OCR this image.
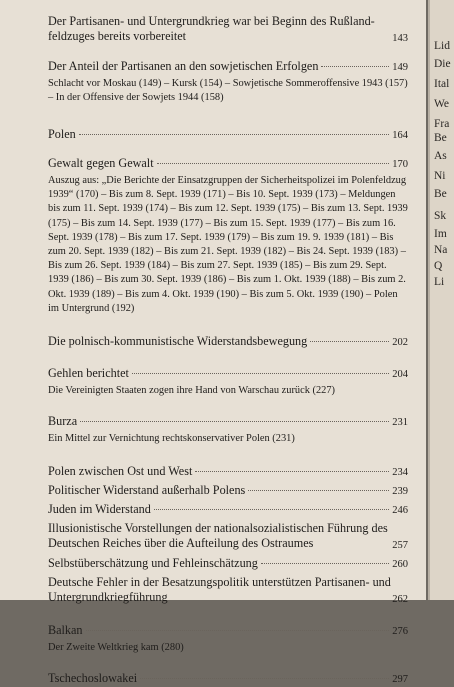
Der Partisanen- und Untergrundkrieg war bei Beginn des Rußland-
feldzuges bereits vorbereitet	143
Der Anteil der Partisanen an den sowjetischen Erfolgen	149
Schlacht vor Moskau (149) – Kursk (154) – Sowjetische Sommeroffensive 1943 (157) – In der Offensive der Sowjets 1944 (158)
Polen	164
Gewalt gegen Gewalt	170
Auszug aus: „Die Berichte der Einsatzgruppen der Sicherheitspolizei im Polenfeldzug 1939“ (170) – Bis zum 8. Sept. 1939 (171) – Bis 10. Sept. 1939 (173) – Meldungen bis zum 11. Sept. 1939 (174) – Bis zum 12. Sept. 1939 (175) – Bis zum 13. Sept. 1939 (175) – Bis zum 14. Sept. 1939 (177) – Bis zum 15. Sept. 1939 (177) – Bis zum 16. Sept. 1939 (178) – Bis zum 17. Sept. 1939 (179) – Bis zum 19. 9. 1939 (181) – Bis zum 20. Sept. 1939 (182) – Bis zum 21. Sept. 1939 (182) – Bis 24. Sept. 1939 (183) – Bis zum 26. Sept. 1939 (184) – Bis zum 27. Sept. 1939 (185) – Bis zum 29. Sept. 1939 (186) – Bis zum 30. Sept. 1939 (186) – Bis zum 1. Okt. 1939 (188) – Bis zum 2. Okt. 1939 (189) – Bis zum 4. Okt. 1939 (190) – Bis zum 5. Okt. 1939 (190) – Polen im Untergrund (192)
Die polnisch-kommunistische Widerstandsbewegung	202
Gehlen berichtet	204
Die Vereinigten Staaten zogen ihre Hand von Warschau zurück (227)
Burza	231
Ein Mittel zur Vernichtung rechtskonservativer Polen (231)
Polen zwischen Ost und West	234
Politischer Widerstand außerhalb Polens	239
Juden im Widerstand	246
Illusionistische Vorstellungen der nationalsozialistischen Führung des
Deutschen Reiches über die Aufteilung des Ostraumes	257
Selbstüberschätzung und Fehleinschätzung	260
Deutsche Fehler in der Besatzungspolitik unterstützen Partisanen- und
Untergrundkriegführung	262
Balkan	276
Der Zweite Weltkrieg kam (280)
Tschechoslowakei	297
Lid
Die
Ital
We
Fra
Be
As
Ni
Be
Sk
Im
Na
Q
Li
